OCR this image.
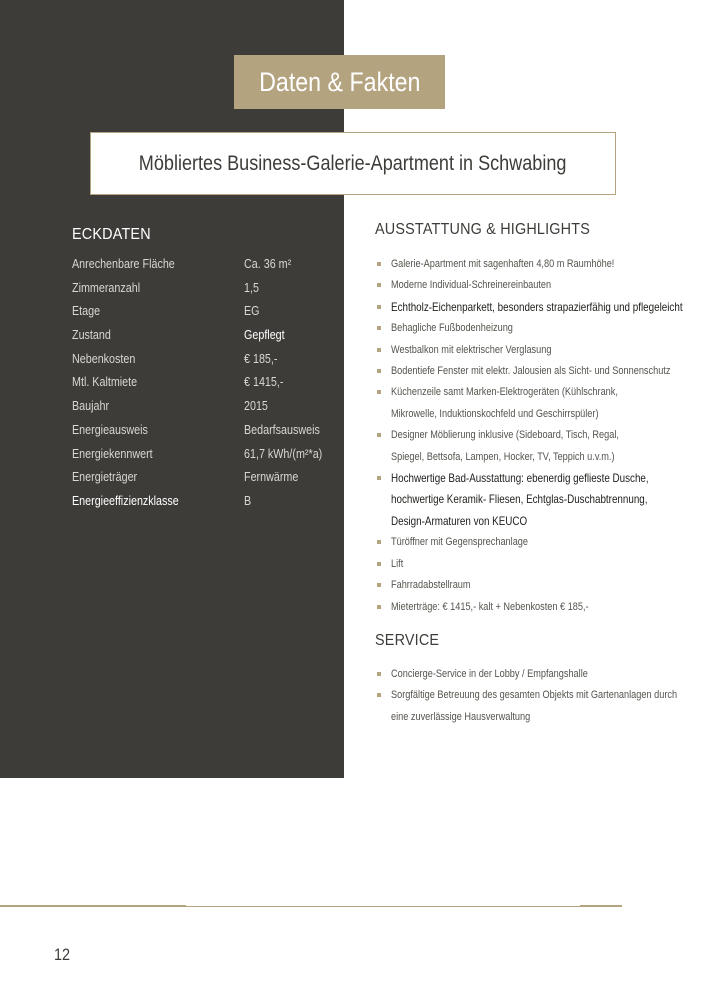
Daten & Fakten
Möbliertes Business-Galerie-Apartment in Schwabing
ECKDATEN
Anrechenbare Fläche	Ca. 36 m²
Zimmeranzahl	1,5
Etage	EG
Zustand	Gepflegt
Nebenkosten	€ 185,-
Mtl. Kaltmiete	€ 1415,-
Baujahr	2015
Energieausweis	Bedarfsausweis
Energiekennwert	61,7 kWh/(m²*a)
Energieträger	Fernwärme
Energieeffizienzklasse	B
AUSSTATTUNG & HIGHLIGHTS
Galerie-Apartment mit sagenhaften 4,80 m Raumhöhe!
Moderne Individual-Schreinereinbauten
Echtholz-Eichenparkett, besonders strapazierfähig und pflegeleicht
Behagliche Fußbodenheizung
Westbalkon mit elektrischer Verglasung
Bodentiefe Fenster mit elektr. Jalousien als Sicht- und Sonnenschutz
Küchenzeile samt Marken-Elektrogeräten (Kühlschrank, Mikrowelle, Induktionskochfeld und Geschirrspüler)
Designer Möblierung inklusive (Sideboard, Tisch, Regal, Spiegel, Bettsofa, Lampen, Hocker, TV, Teppich u.v.m.)
Hochwertige Bad-Ausstattung: ebenerdig geflieste Dusche, hochwertige Keramik- Fliesen, Echtglas-Duschabtrennung, Design-Armaturen von KEUCO
Türöffner mit Gegensprechanlage
Lift
Fahrradabstellraum
Mieterträge: € 1415,- kalt + Nebenkosten € 185,-
SERVICE
Concierge-Service in der Lobby / Empfangshalle
Sorgfältige Betreuung des gesamten Objekts mit Gartenanlagen durch eine zuverlässige Hausverwaltung
12
